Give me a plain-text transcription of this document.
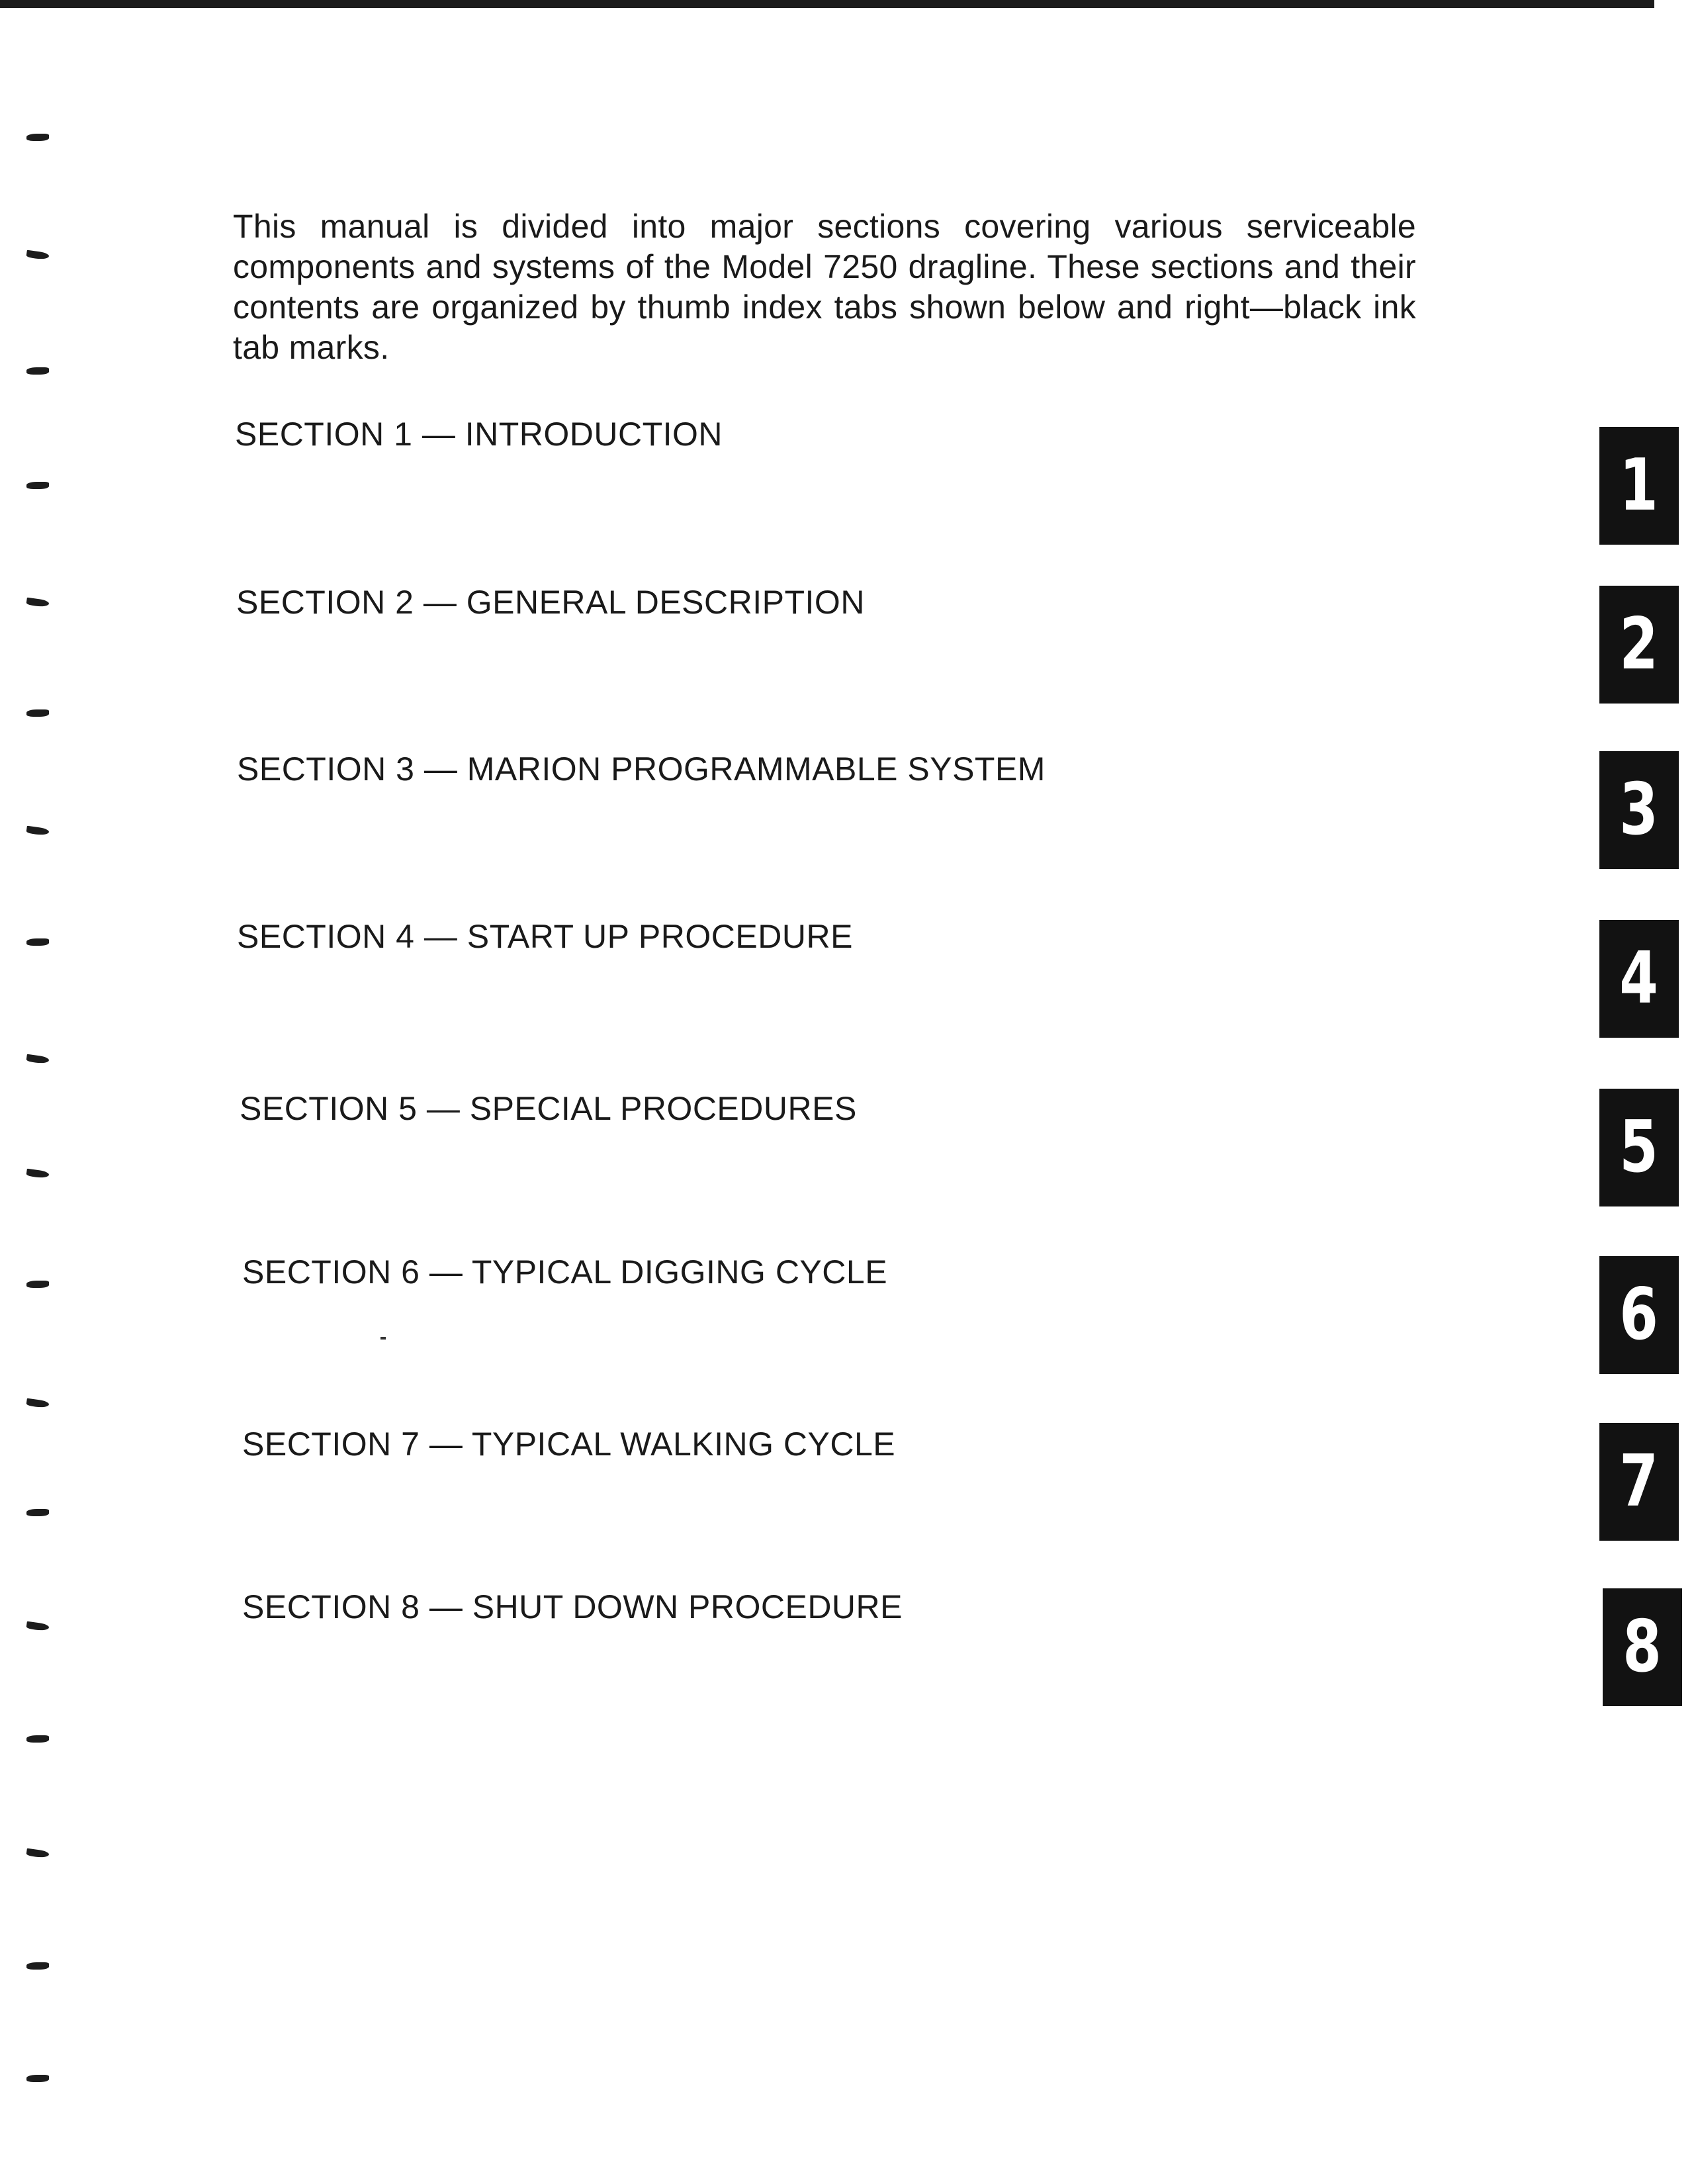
This manual is divided into major sections covering various serviceable components and systems of the Model 7250 dragline. These sections and their contents are organized by thumb index tabs shown below and right—black ink tab marks.

SECTION 1 — INTRODUCTION
SECTION 2 — GENERAL DESCRIPTION
SECTION 3 — MARION PROGRAMMABLE SYSTEM
SECTION 4 — START UP PROCEDURE
SECTION 5 — SPECIAL PROCEDURES
SECTION 6 — TYPICAL DIGGING CYCLE
SECTION 7 — TYPICAL WALKING CYCLE
SECTION 8 — SHUT DOWN PROCEDURE
1
2
3
4
5
6
7
8
